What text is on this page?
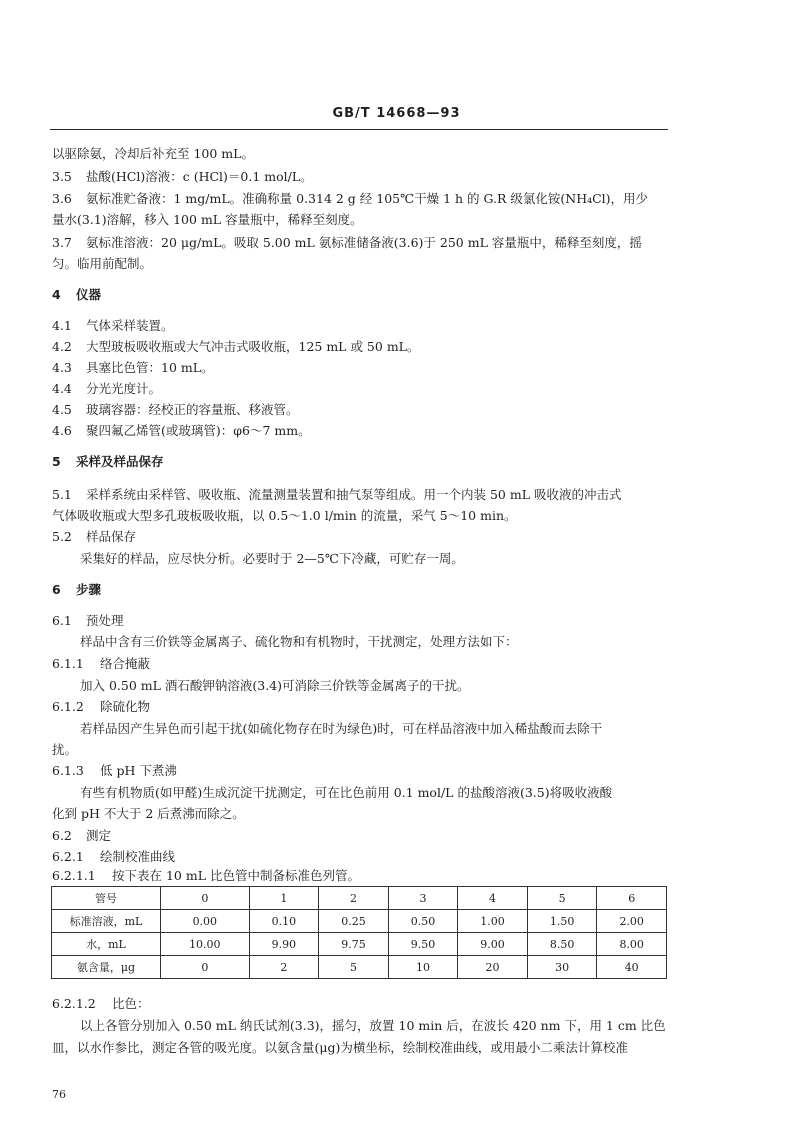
GB/T 14668—93
以驱除氨，冷却后补充至 100 mL。
3.5 盐酸(HCl)溶液：c (HCl)＝0.1 mol/L。
3.6 氨标准贮备液：1 mg/mL。准确称量 0.314 2 g 经 105℃干燥 1 h 的 G.R 级氯化铵(NH₄Cl)，用少
量水(3.1)溶解，移入 100 mL 容量瓶中，稀释至刻度。
3.7 氨标准溶液：20 μg/mL。吸取 5.00 mL 氨标准储备液(3.6)于 250 mL 容量瓶中，稀释至刻度，摇
匀。临用前配制。
4 仪器
4.1 气体采样装置。
4.2 大型玻板吸收瓶或大气冲击式吸收瓶，125 mL 或 50 mL。
4.3 具塞比色管：10 mL。
4.4 分光光度计。
4.5 玻璃容器：经校正的容量瓶、移液管。
4.6 聚四氟乙烯管(或玻璃管)：φ6～7 mm。
5 采样及样品保存
5.1 采样系统由采样管、吸收瓶、流量测量装置和抽气泵等组成。用一个内装 50 mL 吸收液的冲击式
气体吸收瓶或大型多孔玻板吸收瓶，以 0.5～1.0 l/min 的流量，采气 5～10 min。
5.2 样品保存
采集好的样品，应尽快分析。必要时于 2—5℃下冷藏，可贮存一周。
6 步骤
6.1 预处理
样品中含有三价铁等金属离子、硫化物和有机物时，干扰测定，处理方法如下：
6.1.1 络合掩蔽
加入 0.50 mL 酒石酸钾钠溶液(3.4)可消除三价铁等金属离子的干扰。
6.1.2 除硫化物
若样品因产生异色而引起干扰(如硫化物存在时为绿色)时，可在样品溶液中加入稀盐酸而去除干
扰。
6.1.3 低 pH 下煮沸
有些有机物质(如甲醛)生成沉淀干扰测定，可在比色前用 0.1 mol/L 的盐酸溶液(3.5)将吸收液酸
化到 pH 不大于 2 后煮沸而除之。
6.2 测定
6.2.1 绘制校准曲线
6.2.1.1 按下表在 10 mL 比色管中制备标准色列管。
管号	0	1	2	3	4	5	6
标准溶液，mL	0.00	0.10	0.25	0.50	1.00	1.50	2.00
水，mL	10.00	9.90	9.75	9.50	9.00	8.50	8.00
氨含量，μg	0	2	5	10	20	30	40
6.2.1.2 比色：
以上各管分别加入 0.50 mL 纳氏试剂(3.3)，摇匀，放置 10 min 后，在波长 420 nm 下，用 1 cm 比色
皿，以水作参比，测定各管的吸光度。以氨含量(μg)为横坐标，绘制校准曲线，或用最小二乘法计算校准
76
